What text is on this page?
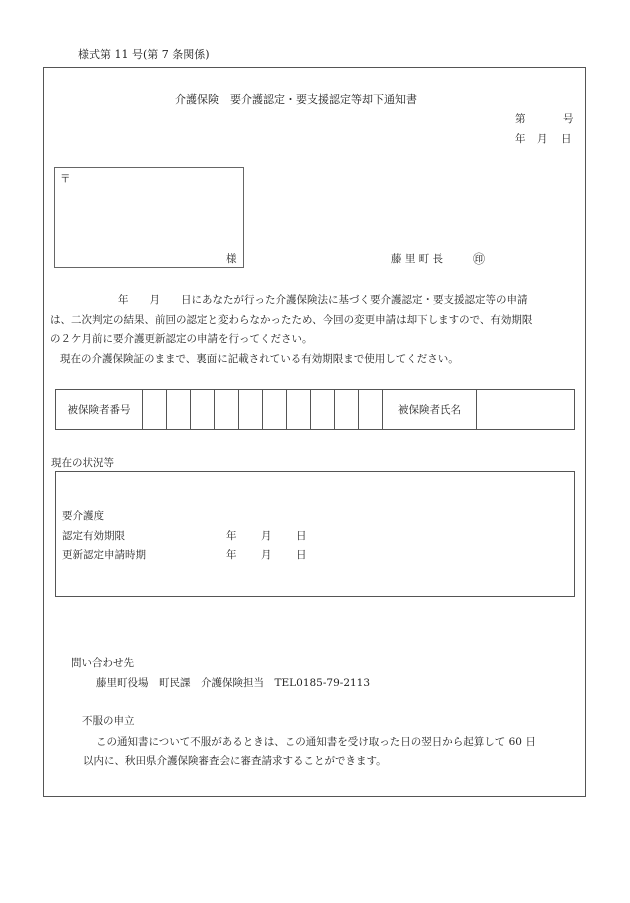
様式第 11 号(第 7 条関係)
介護保険　要介護認定・要支援認定等却下通知書
第	号
年 月 日
〒
様	藤 里 町 長 ㊞
年　　月　　日にあなたが行った介護保険法に基づく要介護認定・要支援認定等の申請
は、二次判定の結果、前回の認定と変わらなかったため、今回の変更申請は却下しますので、有効期限
の２ケ月前に要介護更新認定の申請を行ってください。
現在の介護保険証のままで、裏面に記載されている有効期限まで使用してください。
被保険者番号	被保険者氏名
現在の状況等
要介護度
認定有効期限	年 月 日
更新認定申請時期	年 月 日
問い合わせ先
藤里町役場　町民課　介護保険担当　TEL0185-79-2113
不服の申立
この通知書について不服があるときは、この通知書を受け取った日の翌日から起算して 60 日
以内に、秋田県介護保険審査会に審査請求することができます。
